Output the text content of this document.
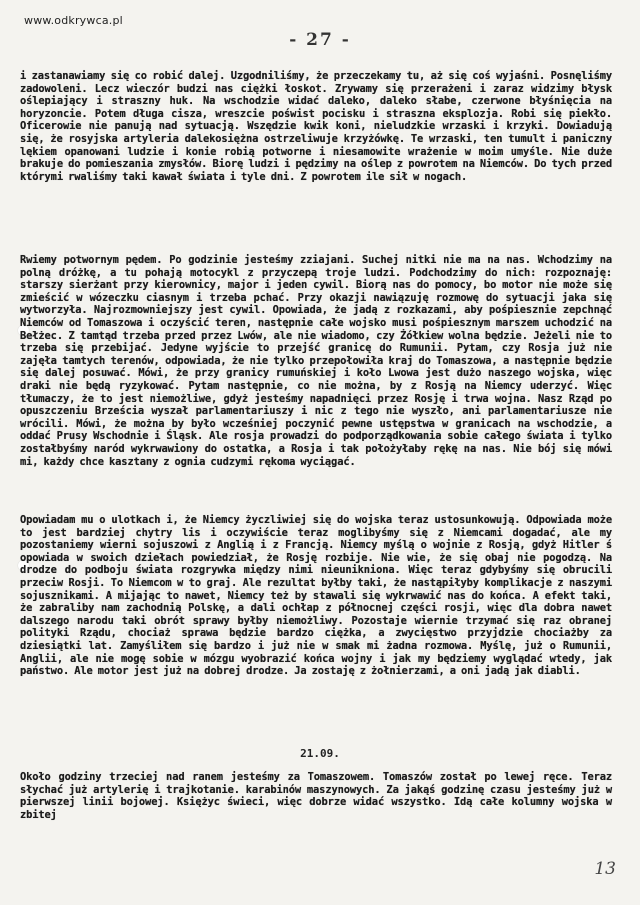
www.odkrywca.pl
- 27 -

i zastanawiamy się co robić dalej. Uzgodniliśmy, że przeczekamy tu, aż się coś wyjaśni. Posnęliśmy zadowoleni. Lecz wieczór budzi nas ciężki łoskot. Zrywamy się przerażeni i zaraz widzimy błysk oślepiający i straszny huk. Na wschodzie widać daleko, daleko słabe, czerwone błyśnięcia na horyzoncie. Potem długa cisza, wreszcie poświst pocisku i straszna eksplozja. Robi się piekło. Oficerowie nie panują nad sytuacją. Wszędzie kwik koni, nieludzkie wrzaski i krzyki. Dowiadują się, że rosyjska artyleria dalekosiężna ostrzeliwuje krzyżówkę. Te wrzaski, ten tumult i paniczny lękiem opanowani ludzie i konie robią potworne i niesamowite wrażenie w moim umyśle. Nie duże brakuje do pomieszania zmysłów. Biorę ludzi i pędzimy na oślep z powrotem na Niemców. Do tych przed którymi rwaliśmy taki kawał świata i tyle dni. Z powrotem ile sił w nogach.

Rwiemy potwornym pędem. Po godzinie jesteśmy zziajani. Suchej nitki nie ma na nas. Wchodzimy na polną dróżkę, a tu pohają motocykl z przyczepą troje ludzi. Podchodzimy do nich: rozpoznaję: starszy sierżant przy kierownicy, major i jeden cywil. Biorą nas do pomocy, bo motor nie może się zmieścić w wózeczku ciasnym i trzeba pchać. Przy okazji nawiązuję rozmowę do sytuacji jaka się wytworzyła. Najrozmowniejszy jest cywil. Opowiada, że jadą z rozkazami, aby pośpiesznie zepchnąć Niemców od Tomaszowa i oczyścić teren, następnie całe wojsko musi pośpiesznym marszem uchodzić na Bełżec. Z tamtąd trzeba przed przez Lwów, ale nie wiadomo, czy Żółkiew wolna będzie. Jeżeli nie to trzeba się przebijać. Jedyne wyjście to przejść granicę do Rumunii. Pytam, czy Rosja już nie zajęła tamtych terenów, odpowiada, że nie tylko przepołowiła kraj do Tomaszowa, a następnie będzie się dalej posuwać. Mówi, że przy granicy rumuńskiej i koło Lwowa jest dużo naszego wojska, więc draki nie będą ryzykować. Pytam następnie, co nie można, by z Rosją na Niemcy uderzyć. Więc tłumaczy, że to jest niemożliwe, gdyż jesteśmy napadnięci przez Rosję i trwa wojna. Nasz Rząd po opuszczeniu Brześcia wyszał parlamentariuszy i nic z tego nie wyszło, ani parlamentariusze nie wrócili. Mówi, że można by było wcześniej poczynić pewne ustępstwa w granicach na wschodzie, a oddać Prusy Wschodnie i Śląsk. Ale rosja prowadzi do podporządkowania sobie całego świata i tylko zostałbyśmy naród wykrwawiony do ostatka, a Rosja i tak położyłaby rękę na nas. Nie bój się mówi mi, każdy chce kasztany z ognia cudzymi rękoma wyciągać.

Opowiadam mu o ulotkach i, że Niemcy życzliwiej się do wojska teraz ustosunkowują. Odpowiada może to jest bardziej chytry lis i oczywiście teraz moglibyśmy się z Niemcami dogadać, ale my pozostaniemy wierni sojuszowi z Anglią i z Francją. Niemcy myślą o wojnie z Rosją, gdyż Hitler ś opowiada w swoich dziełach powiedział, że Rosję rozbije. Nie wie, że się obaj nie pogodzą. Na drodze do podboju świata rozgrywka między nimi nieunikniona. Więc teraz gdybyśmy się obrucili przeciw Rosji. To Niemcom w to graj. Ale rezultat byłby taki, że nastąpiłyby komplikacje z naszymi sojusznikami. A mijając to nawet, Niemcy też by stawali się wykrwawić nas do końca. A efekt taki, że zabraliby nam zachodnią Polskę, a dali ochłap z północnej części rosji, więc dla dobra nawet dalszego narodu taki obrót sprawy byłby niemożliwy. Pozostaje wiernie trzymać się raz obranej polityki Rządu, chociaż sprawa będzie bardzo ciężka, a zwycięstwo przyjdzie chociażby za dziesiątki lat. Zamyśliłem się bardzo i już nie w smak mi żadna rozmowa. Myślę, już o Rumunii, Anglii, ale nie mogę sobie w mózgu wyobrazić końca wojny i jak my będziemy wyglądać wtedy, jak państwo. Ale motor jest już na dobrej drodze. Ja zostaję z żołnierzami, a oni jadą jak diabli.

21.09.

Około godziny trzeciej nad ranem jesteśmy za Tomaszowem. Tomaszów został po lewej ręce. Teraz słychać już artylerię i trajkotanie. karabinów maszynowych. Za jakąś godzinę czasu jesteśmy już w pierwszej linii bojowej. Księżyc świeci, więc dobrze widać wszystko. Idą całe kolumny wojska w zbitej

13
